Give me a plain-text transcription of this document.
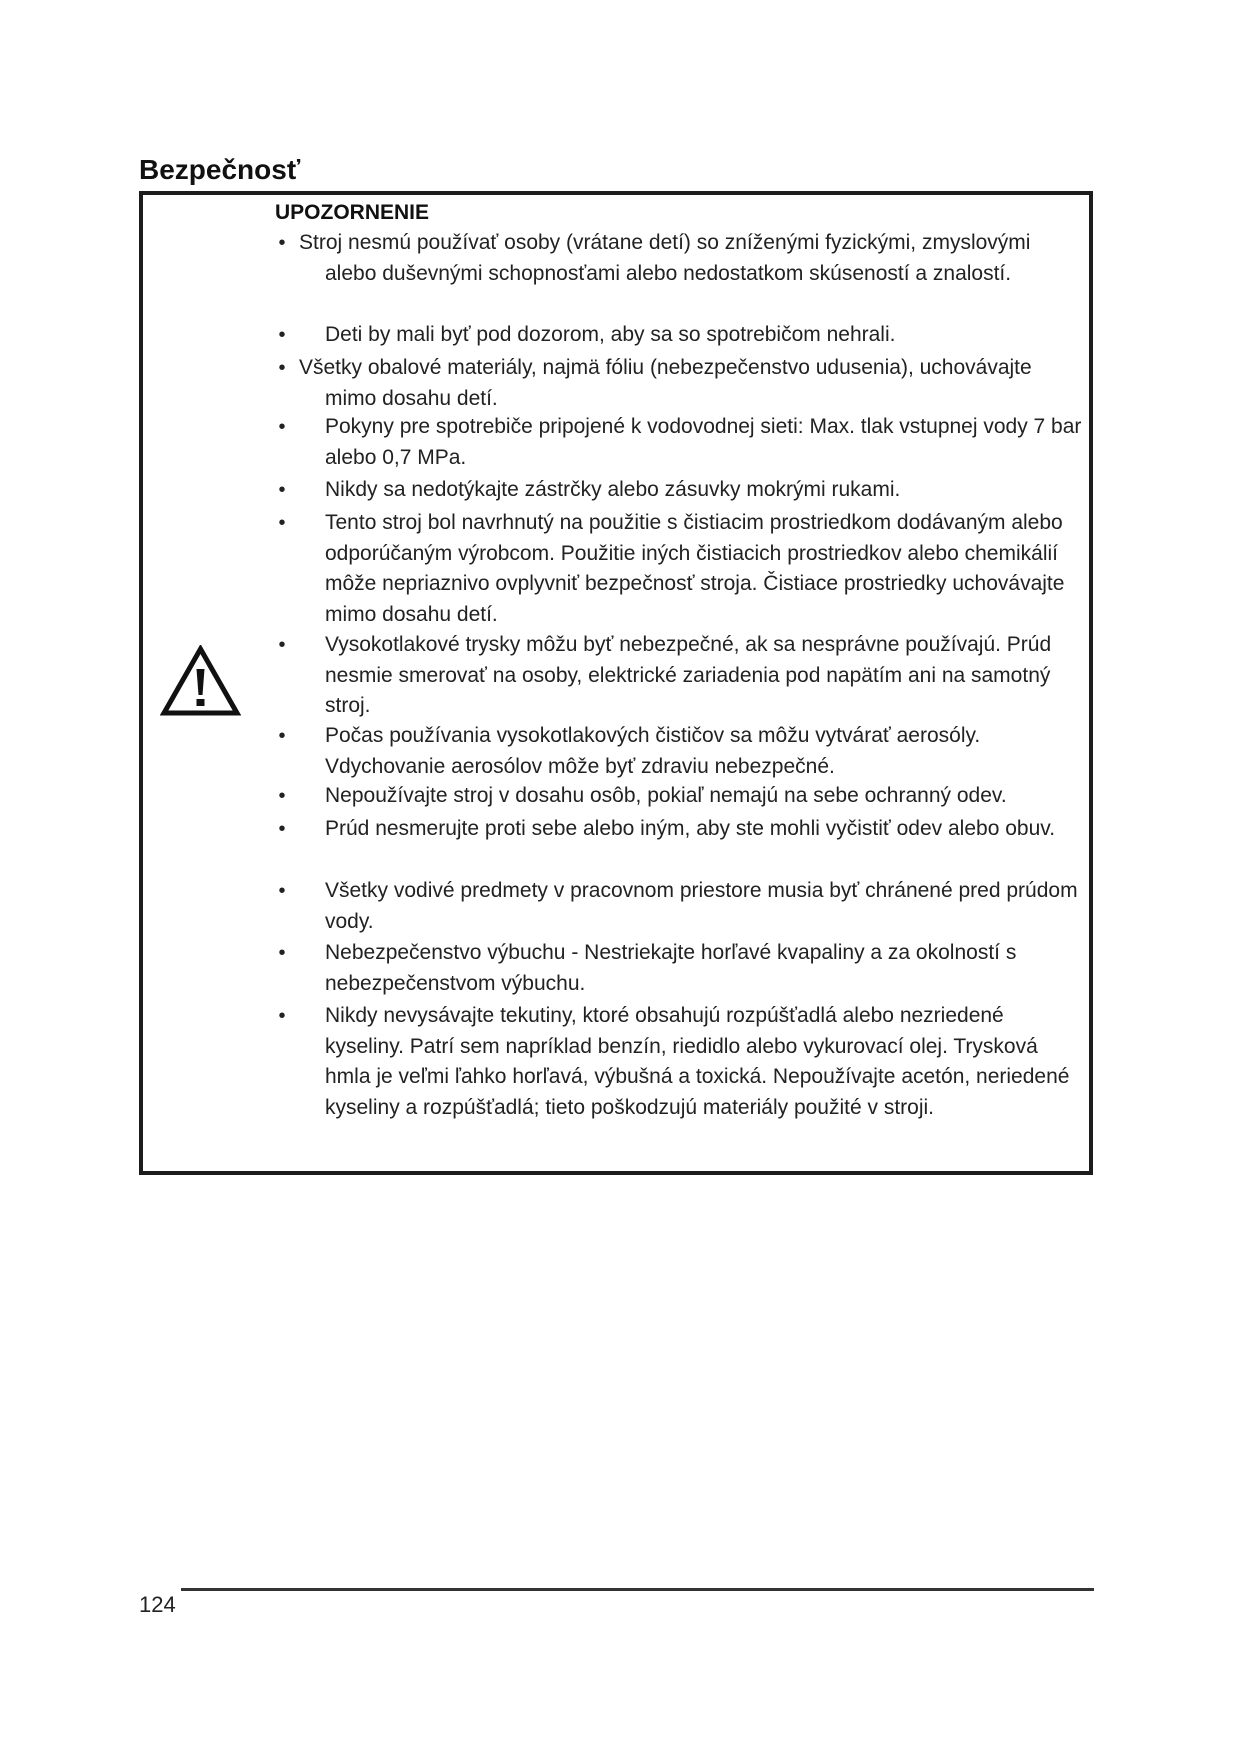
Bezpečnosť
UPOZORNENIE
• Stroj nesmú používať osoby (vrátane detí) so zníženými fyzickými, zmyslovými alebo duševnými schopnosťami alebo nedostatkom skúseností a znalostí.
•	Deti by mali byť pod dozorom, aby sa so spotrebičom nehrali.
• Všetky obalové materiály, najmä fóliu (nebezpečenstvo udusenia), uchovávajte mimo dosahu detí.
•	Pokyny pre spotrebiče pripojené k vodovodnej sieti: Max. tlak vstupnej vody 7 bar alebo 0,7 MPa.
•	Nikdy sa nedotýkajte zástrčky alebo zásuvky mokrými rukami.
•	Tento stroj bol navrhnutý na použitie s čistiacim prostriedkom dodávaným alebo odporúčaným výrobcom. Použitie iných čistiacich prostriedkov alebo chemikálií môže nepriaznivo ovplyvniť bezpečnosť stroja. Čistiace prostriedky uchovávajte mimo dosahu detí.
•	Vysokotlakové trysky môžu byť nebezpečné, ak sa nesprávne používajú. Prúd nesmie smerovať na osoby, elektrické zariadenia pod napätím ani na samotný stroj.
•	Počas používania vysokotlakových čističov sa môžu vytvárať aerosóly. Vdychovanie aerosólov môže byť zdraviu nebezpečné.
•	Nepoužívajte stroj v dosahu osôb, pokiaľ nemajú na sebe ochranný odev.
•	Prúd nesmerujte proti sebe alebo iným, aby ste mohli vyčistiť odev alebo obuv.
•	Všetky vodivé predmety v pracovnom priestore musia byť chránené pred prúdom vody.
•	Nebezpečenstvo výbuchu - Nestriekajte horľavé kvapaliny a za okolností s nebezpečenstvom výbuchu.
•	Nikdy nevysávajte tekutiny, ktoré obsahujú rozpúšťadlá alebo nezriedené kyseliny. Patrí sem napríklad benzín, riedidlo alebo vykurovací olej. Trysková hmla je veľmi ľahko horľavá, výbušná a toxická. Nepoužívajte acetón, neriedené kyseliny a rozpúšťadlá; tieto poškodzujú materiály použité v stroji.
124
